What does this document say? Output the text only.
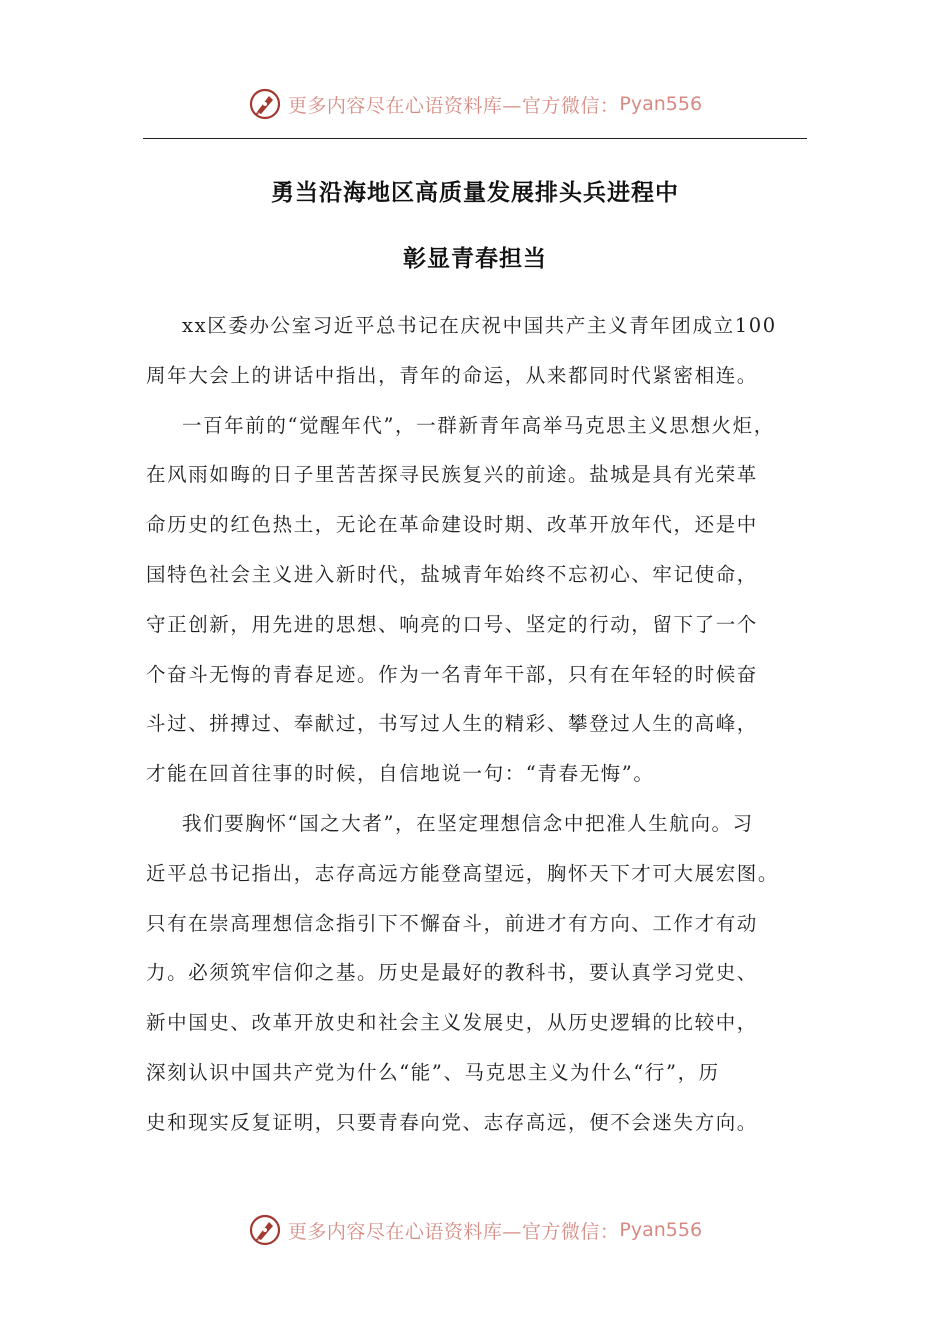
更多内容尽在心语资料库—官方微信： Pyan556
勇当沿海地区高质量发展排头兵进程中
彰显青春担当
xx区委办公室习近平总书记在庆祝中国共产主义青年团成立100
周年大会上的讲话中指出，青年的命运，从来都同时代紧密相连。
一百年前的“觉醒年代”，一群新青年高举马克思主义思想火炬，
在风雨如晦的日子里苦苦探寻民族复兴的前途。盐城是具有光荣革
命历史的红色热土，无论在革命建设时期、改革开放年代，还是中
国特色社会主义进入新时代，盐城青年始终不忘初心、牢记使命，
守正创新，用先进的思想、响亮的口号、坚定的行动，留下了一个
个奋斗无悔的青春足迹。作为一名青年干部，只有在年轻的时候奋
斗过、拼搏过、奉献过，书写过人生的精彩、攀登过人生的高峰，
才能在回首往事的时候，自信地说一句：“青春无悔”。
我们要胸怀“国之大者”，在坚定理想信念中把准人生航向。习
近平总书记指出，志存高远方能登高望远，胸怀天下才可大展宏图。
只有在崇高理想信念指引下不懈奋斗，前进才有方向、工作才有动
力。必须筑牢信仰之基。历史是最好的教科书，要认真学习党史、
新中国史、改革开放史和社会主义发展史，从历史逻辑的比较中，
深刻认识中国共产党为什么“能”、马克思主义为什么“行”，历
史和现实反复证明，只要青春向党、志存高远，便不会迷失方向。
更多内容尽在心语资料库—官方微信： Pyan556
